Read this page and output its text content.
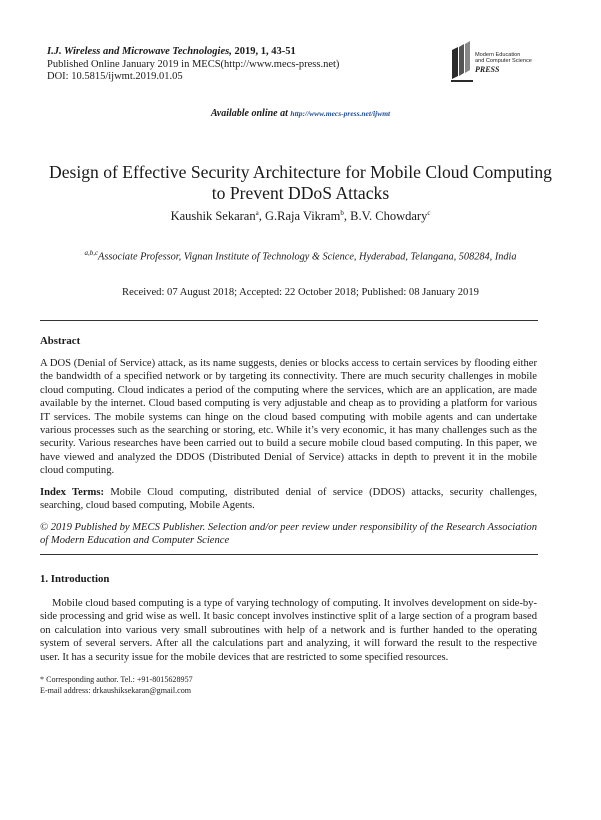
I.J. Wireless and Microwave Technologies, 2019, 1, 43-51
Published Online January 2019 in MECS(http://www.mecs-press.net)
DOI: 10.5815/ijwmt.2019.01.05
Modern Education
and Computer Science
PRESS
Available online at http://www.mecs-press.net/ijwmt
Design of Effective Security Architecture for Mobile Cloud Computing to Prevent DDoS Attacks
Kaushik Sekaran$^a$, G.Raja Vikram$^b$, B.V. Chowdary$^c$
$^{a,b,c}$Associate Professor, Vignan Institute of Technology & Science, Hyderabad, Telangana, 508284, India
Received: 07 August 2018; Accepted: 22 October 2018; Published: 08 January 2019
Abstract
A DOS (Denial of Service) attack, as its name suggests, denies or blocks access to certain services by flooding either the bandwidth of a specified network or by targeting its connectivity. There are much security challenges in mobile cloud computing. Cloud indicates a period of the computing where the services, which are an application, are made available by the internet. Cloud based computing is very adjustable and cheap as to providing a platform for various IT services. The mobile systems can hinge on the cloud based computing with mobile agents and can undertake various processes such as the searching or storing, etc. While it’s very economic, it has many challenges such as the security. Various researches have been carried out to build a secure mobile cloud based computing. In this paper, we have viewed and analyzed the DDOS (Distributed Denial of Service) attacks in depth to prevent it in the mobile cloud computing.
Index Terms: Mobile Cloud computing, distributed denial of service (DDOS) attacks, security challenges, searching, cloud based computing, Mobile Agents.
© 2019 Published by MECS Publisher. Selection and/or peer review under responsibility of the Research Association of Modern Education and Computer Science
1. Introduction
Mobile cloud based computing is a type of varying technology of computing. It involves development on side-by-side processing and grid wise as well. It basic concept involves instinctive split of a large section of a program based on calculation into various very small subroutines with help of a network and is further handed to the operating system of several servers. After all the calculations part and analyzing, it will forward the result to the respective user. It has a security issue for the mobile devices that are restricted to some specified resources.
* Corresponding author. Tel.: +91-8015628957
E-mail address: drkaushiksekaran@gmail.com
